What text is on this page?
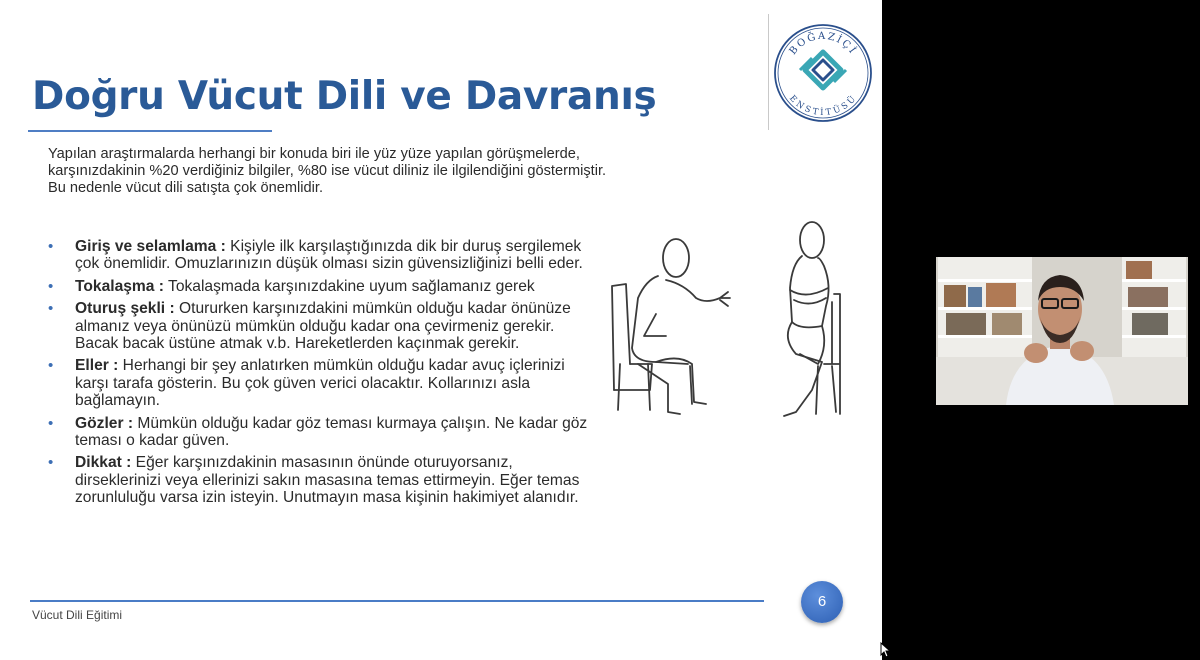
Doğru Vücut Dili ve Davranış
BOĞAZİÇİ
ENSTİTÜSÜ

Yapılan araştırmalarda herhangi bir konuda biri ile yüz yüze yapılan görüşmelerde, karşınızdakinin %20 verdiğiniz bilgiler, %80 ise vücut diliniz ile ilgilendiğini göstermiştir. Bu nedenle vücut dili satışta çok önemlidir.

• Giriş ve selamlama : Kişiyle ilk karşılaştığınızda dik bir duruş sergilemek çok önemlidir. Omuzlarınızın düşük olması sizin güvensizliğinizi belli eder.
• Tokalaşma : Tokalaşmada karşınızdakine uyum sağlamanız gerek
• Oturuş şekli : Otururken karşınızdakini mümkün olduğu kadar önünüze almanız veya önünüzü mümkün olduğu kadar ona çevirmeniz gerekir. Bacak bacak üstüne atmak v.b. Hareketlerden kaçınmak gerekir.
• Eller : Herhangi bir şey anlatırken mümkün olduğu kadar avuç içlerinizi karşı tarafa gösterin. Bu çok güven verici olacaktır. Kollarınızı asla bağlamayın.
• Gözler : Mümkün olduğu kadar göz teması kurmaya çalışın. Ne kadar göz teması o kadar güven.
• Dikkat : Eğer karşınızdakinin masasının önünde oturuyorsanız, dirseklerinizi veya ellerinizi sakın masasına temas ettirmeyin. Eğer temas zorunluluğu varsa izin isteyin. Unutmayın masa kişinin hakimiyet alanıdır.
Vücut Dili Eğitimi
6
